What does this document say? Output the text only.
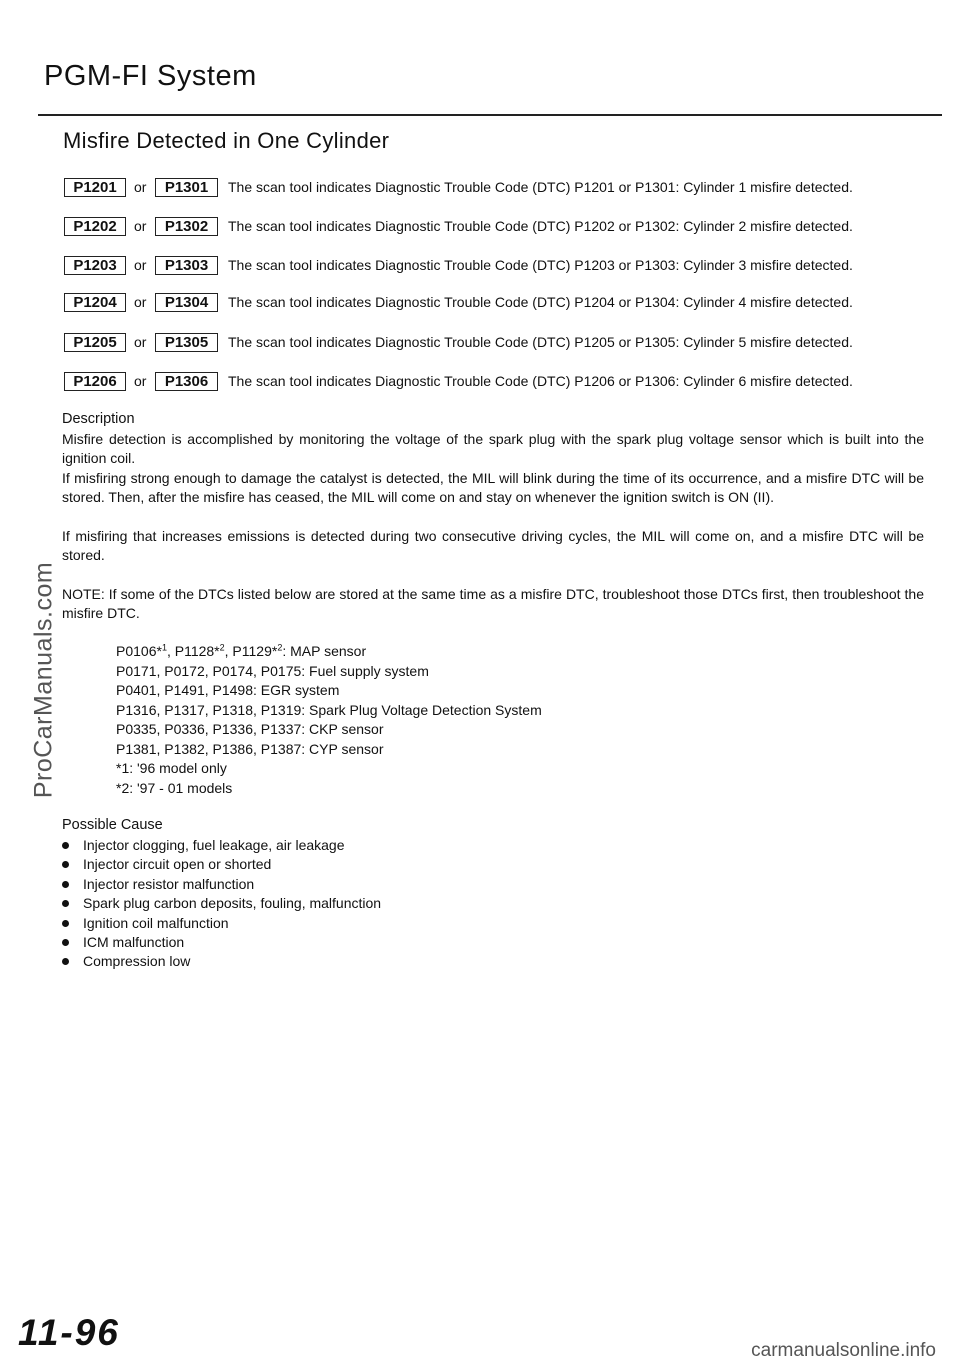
PGM-FI System
Misfire Detected in One Cylinder
P1201	or	P1301	The scan tool indicates Diagnostic Trouble Code (DTC) P1201 or P1301: Cylinder 1 misfire detected.
P1202	or	P1302	The scan tool indicates Diagnostic Trouble Code (DTC) P1202 or P1302: Cylinder 2 misfire detected.
P1203	or	P1303	The scan tool indicates Diagnostic Trouble Code (DTC) P1203 or P1303: Cylinder 3 misfire detected.
P1204	or	P1304	The scan tool indicates Diagnostic Trouble Code (DTC) P1204 or P1304: Cylinder 4 misfire detected.
P1205	or	P1305	The scan tool indicates Diagnostic Trouble Code (DTC) P1205 or P1305: Cylinder 5 misfire detected.
P1206	or	P1306	The scan tool indicates Diagnostic Trouble Code (DTC) P1206 or P1306: Cylinder 6 misfire detected.
Description
Misfire detection is accomplished by monitoring the voltage of the spark plug with the spark plug voltage sensor which is built into the ignition coil.
If misfiring strong enough to damage the catalyst is detected, the MIL will blink during the time of its occurrence, and a misfire DTC will be stored. Then, after the misfire has ceased, the MIL will come on and stay on whenever the ignition switch is ON (II).
If misfiring that increases emissions is detected during two consecutive driving cycles, the MIL will come on, and a misfire DTC will be stored.
NOTE: If some of the DTCs listed below are stored at the same time as a misfire DTC, troubleshoot those DTCs first, then troubleshoot the misfire DTC.
P0106*$^1$, P1128*$^2$, P1129*$^2$: MAP sensor
P0171, P0172, P0174, P0175: Fuel supply system
P0401, P1491, P1498: EGR system
P1316, P1317, P1318, P1319: Spark Plug Voltage Detection System
P0335, P0336, P1336, P1337: CKP sensor
P1381, P1382, P1386, P1387: CYP sensor
*1: '96 model only
*2: '97 - 01 models
Possible Cause
Injector clogging, fuel leakage, air leakage
Injector circuit open or shorted
Injector resistor malfunction
Spark plug carbon deposits, fouling, malfunction
Ignition coil malfunction
ICM malfunction
Compression low
ProCarManuals.com
11-96	carmanualsonline.info
